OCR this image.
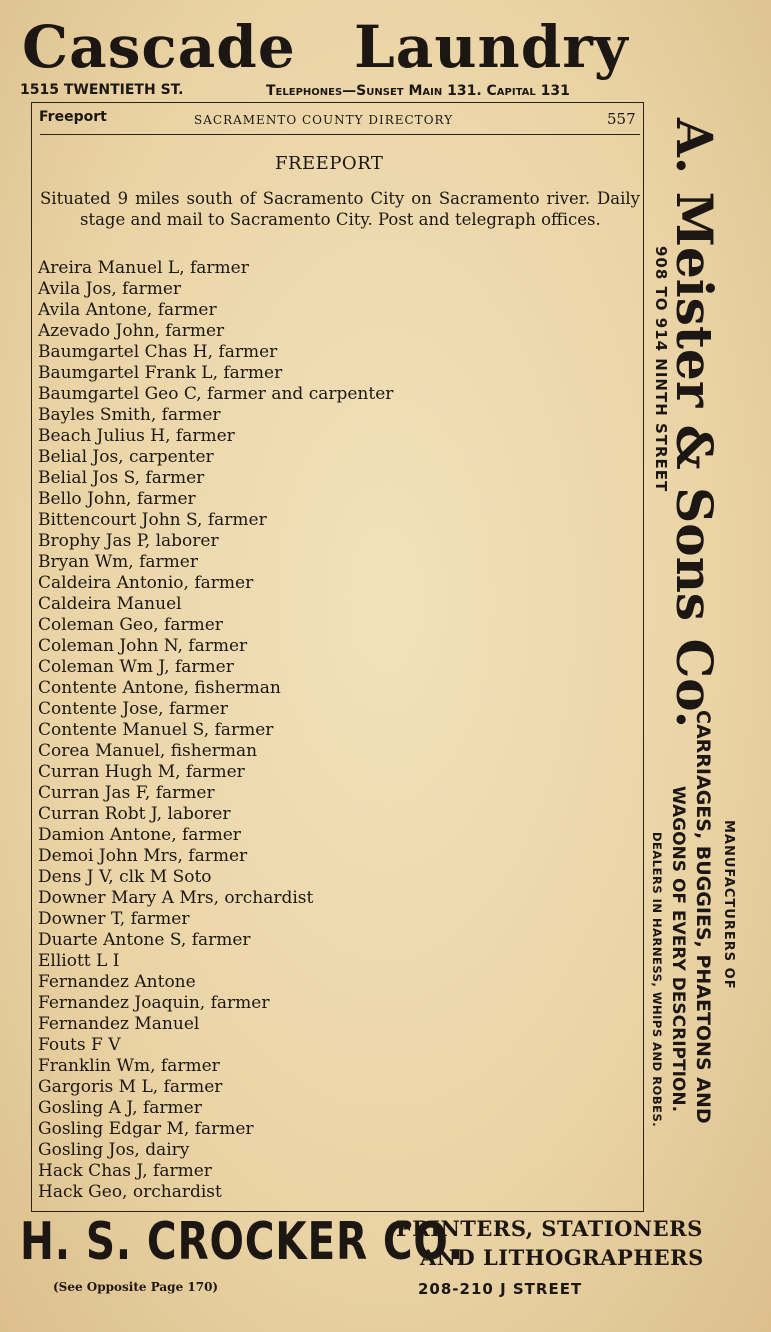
Cascade Laundry
1515 TWENTIETH ST.	Telephones—Sunset Main 131. Capital 131
Freeport	SACRAMENTO COUNTY DIRECTORY	557
FREEPORT

Situated 9 miles south of Sacramento City on Sacramento river. Daily stage and mail to Sacramento City. Post and telegraph offices.

Areira Manuel L, farmer
Avila Jos, farmer
Avila Antone, farmer
Azevado John, farmer
Baumgartel Chas H, farmer
Baumgartel Frank L, farmer
Baumgartel Geo C, farmer and carpenter
Bayles Smith, farmer
Beach Julius H, farmer
Belial Jos, carpenter
Belial Jos S, farmer
Bello John, farmer
Bittencourt John S, farmer
Brophy Jas P, laborer
Bryan Wm, farmer
Caldeira Antonio, farmer
Caldeira Manuel
Coleman Geo, farmer
Coleman John N, farmer
Coleman Wm J, farmer
Contente Antone, fisherman
Contente Jose, farmer
Contente Manuel S, farmer
Corea Manuel, fisherman
Curran Hugh M, farmer
Curran Jas F, farmer
Curran Robt J, laborer
Damion Antone, farmer
Demoi John Mrs, farmer
Dens J V, clk M Soto
Downer Mary A Mrs, orchardist
Downer T, farmer
Duarte Antone S, farmer
Elliott L I
Fernandez Antone
Fernandez Joaquin, farmer
Fernandez Manuel
Fouts F V
Franklin Wm, farmer
Gargoris M L, farmer
Gosling A J, farmer
Gosling Edgar M, farmer
Gosling Jos, dairy
Hack Chas J, farmer
Hack Geo, orchardist
A. Meister & Sons Co.
908 TO 914 NINTH STREET
MANUFACTURERS OF
CARRIAGES, BUGGIES, PHAETONS AND
WAGONS OF EVERY DESCRIPTION.
DEALERS IN HARNESS, WHIPS AND ROBES.
H. S. CROCKER CO.
(See Opposite Page 170)
PRINTERS, STATIONERS
AND LITHOGRAPHERS
208-210 J STREET
